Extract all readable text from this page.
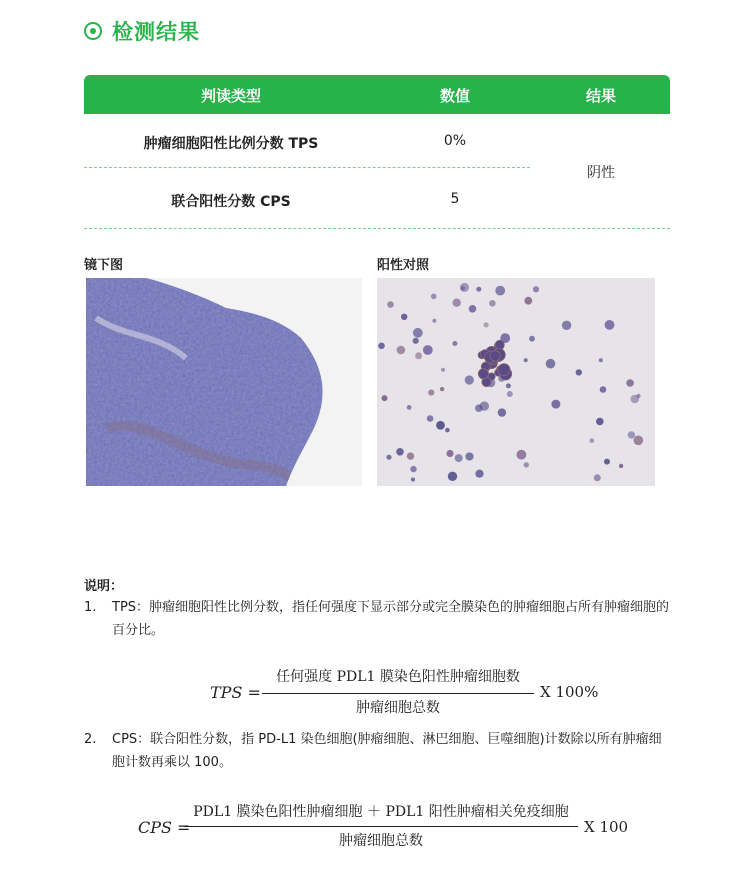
检测结果
判读类型	数值	结果
肿瘤细胞阳性比例分数 TPS	0%
联合阳性分数 CPS	5
阴性
镜下图	阳性对照
说明：
1. TPS：肿瘤细胞阳性比例分数，指任何强度下显示部分或完全膜染色的肿瘤细胞占所有肿瘤细胞的百分比。
TPS =
任何强度 PDL1 膜染色阳性肿瘤细胞数
肿瘤细胞总数
X 100%
2. CPS：联合阳性分数，指 PD-L1 染色细胞(肿瘤细胞、淋巴细胞、巨噬细胞)计数除以所有肿瘤细胞计数再乘以 100。
CPS =
PDL1 膜染色阳性肿瘤细胞 ＋ PDL1 阳性肿瘤相关免疫细胞
肿瘤细胞总数
X 100
